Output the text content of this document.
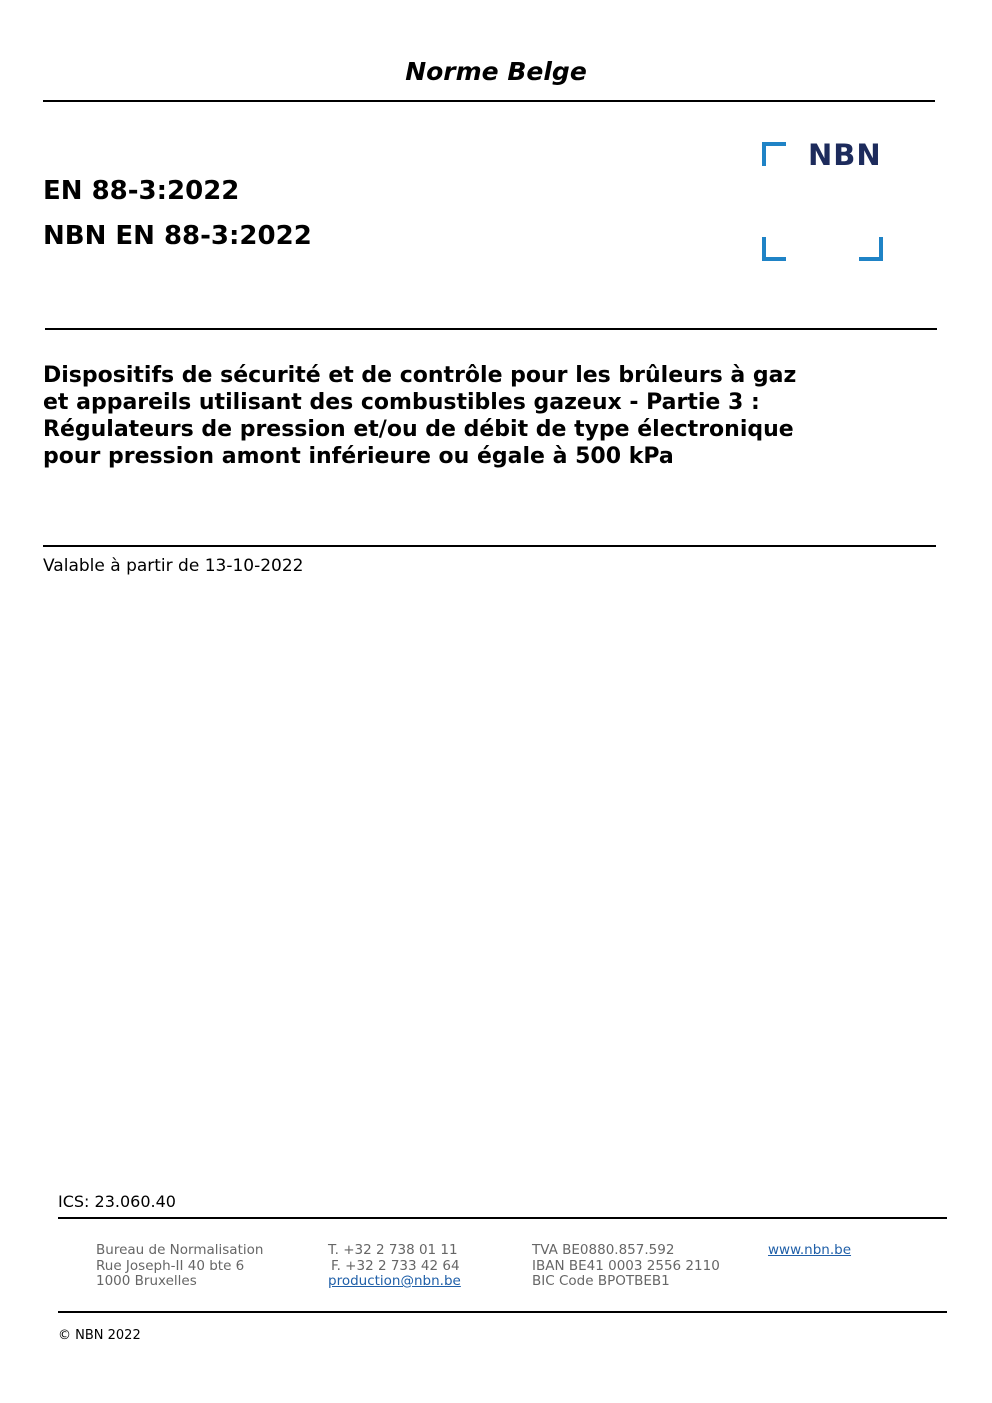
Norme Belge
EN 88-3:2022
NBN EN 88-3:2022
NBN
Dispositifs de sécurité et de contrôle pour les brûleurs à gaz
et appareils utilisant des combustibles gazeux - Partie 3 :
Régulateurs de pression et/ou de débit de type électronique
pour pression amont inférieure ou égale à 500 kPa
Valable à partir de 13-10-2022
ICS: 23.060.40
Bureau de Normalisation
Rue Joseph-II 40 bte 6
1000 Bruxelles
T. +32 2 738 01 11
F. +32 2 733 42 64
production@nbn.be
TVA BE0880.857.592
IBAN BE41 0003 2556 2110
BIC Code BPOTBEB1
www.nbn.be
© NBN 2022
